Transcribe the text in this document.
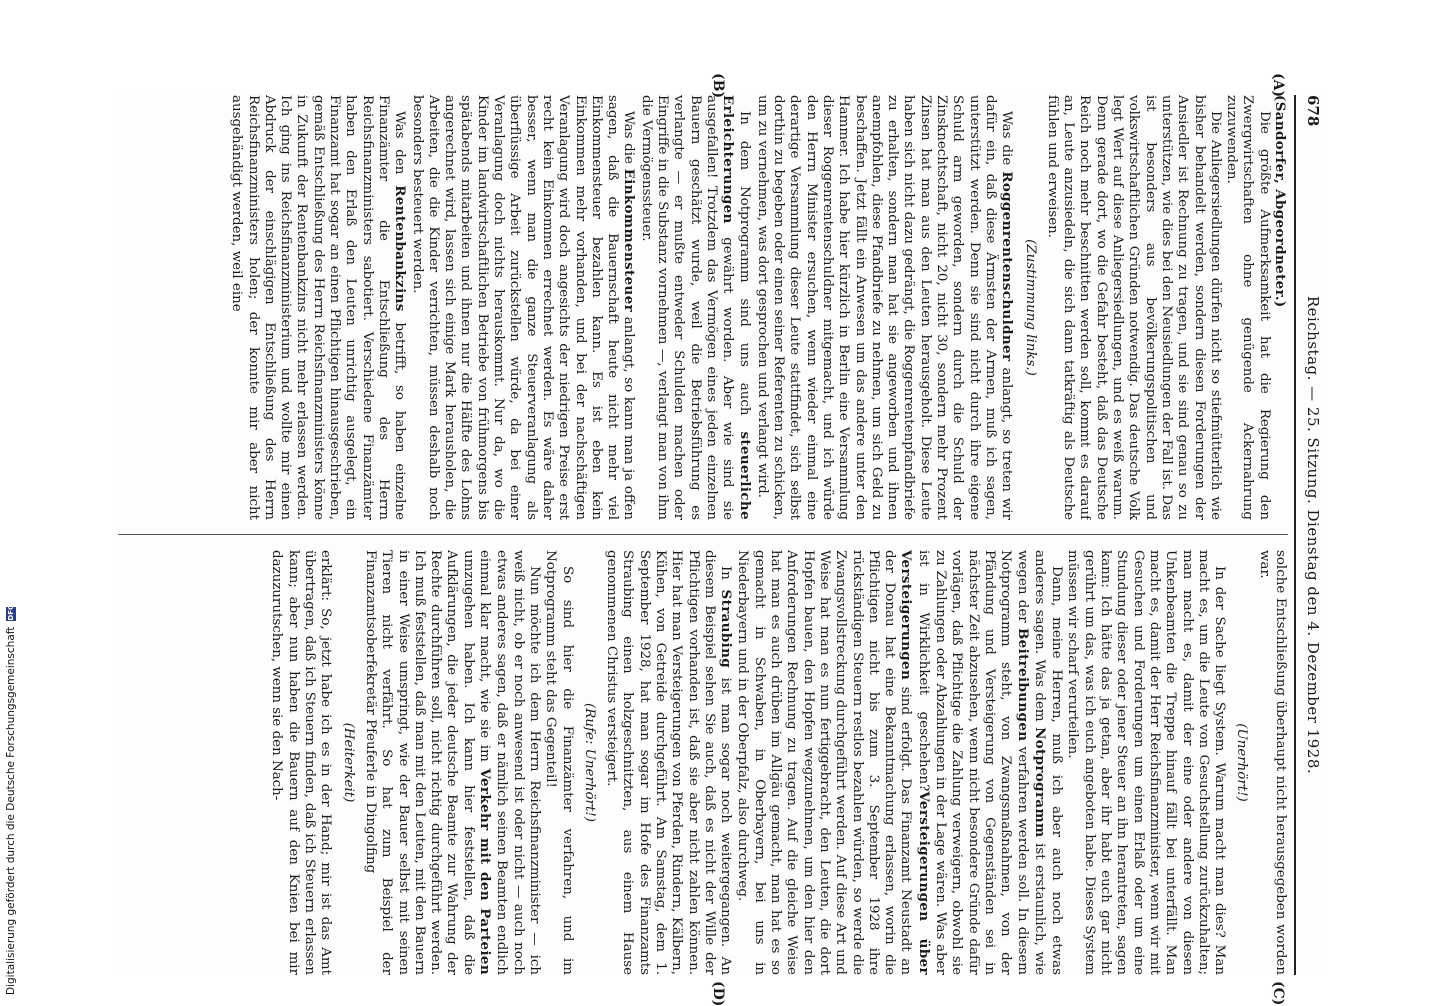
678
Reichstag. — 25. Sitzung. Dienstag den 4. Dezember 1928.
(A)
(B)
(C)
(D)

(Sandorfer, Abgeordneter.)

Die größte Aufmerksamkeit hat die Regierung den Zwergwirtschaften ohne genügende Ackernahrung zuzuwenden.

Die Anliegersiedlungen dürfen nicht so stiefmütterlich wie bisher behandelt werden, sondern diesen Forderungen der Ansiedler ist Rechnung zu tragen, und sie sind genau so zu unterstützen, wie dies bei den Neusiedlungen der Fall ist. Das ist besonders aus bevölkerungspolitischen und volkswirtschaftlichen Gründen notwendig. Das deutsche Volk legt Wert auf diese Anliegersiedlungen, und es weiß warum. Denn gerade dort, wo die Gefahr besteht, daß das Deutsche Reich noch mehr beschnitten werden soll, kommt es darauf an, Leute anzusiedeln, die sich dann tatkräftig als Deutsche fühlen und erweisen.

(Zustimmung links.)

Was die Roggenrentenschuldner anlangt, so treten wir dafür ein, daß diese Ärmsten der Armen, muß ich sagen, unterstützt werden. Denn sie sind nicht durch ihre eigene Schuld arm geworden, sondern durch die Schuld der Zinsknechtschaft, nicht 20, nicht 30, sondern mehr Prozent Zinsen hat man aus den Leuten herausgeholt. Diese Leute haben sich nicht dazu gedrängt, die Roggenrentenpfandbriefe zu erhalten, sondern man hat sie angeworben und ihnen anempfohlen, diese Pfandbriefe zu nehmen, um sich Geld zu beschaffen. Jetzt fällt ein Anwesen um das andere unter den Hammer. Ich habe hier kürzlich in Berlin eine Versammlung dieser Roggenrentenschuldner mitgemacht, und ich würde den Herrn Minister ersuchen, wenn wieder einmal eine derartige Versammlung dieser Leute stattfindet, sich selbst dorthin zu begeben oder einen seiner Referenten zu schicken, um zu vernehmen, was dort gesprochen und verlangt wird.

In dem Notprogramm sind uns auch steuerliche Erleichterungen gewährt worden. Aber wie sind sie ausgefallen! Trotzdem das Vermögen eines jeden einzelnen Bauern geschätzt wurde, weil die Betriebsführung es verlangte — er mußte entweder Schulden machen oder Eingriffe in die Substanz vornehmen —, verlangt man von ihm die Vermögenssteuer.

Was die Einkommensteuer anlangt, so kann man ja offen sagen, daß die Bauernschaft heute nicht mehr viel Einkommensteuer bezahlen kann. Es ist eben kein Einkommen mehr vorhanden, und bei der nachschäftigen Veranlagung wird doch angesichts der niedrigen Preise erst recht kein Einkommen errechnet werden. Es wäre daher besser, wenn man die ganze Steuerveranlagung als überflüssige Arbeit zurückstellen würde, da bei einer Veranlagung doch nichts herauskommt. Nur da, wo die Kinder im landwirtschaftlichen Betriebe von frühmorgens bis spätabends mitarbeiten und ihnen nur die Hälfte des Lohns angerechnet wird, lassen sich einige Mark herausholen, die Arbeiten, die die Kinder verrichten, müssen deshalb noch besonders besteuert werden.

Was den Rentenbankzins betrifft, so haben einzelne Finanzämter die Entschließung des Herrn Reichsfinanzministers sabotiert. Verschiedene Finanzämter haben den Erlaß den Leuten unrichtig ausgelegt, ein Finanzamt hat sogar an einen Pflichtigen hinausgeschrieben, gemäß Entschließung des Herrn Reichsfinanzministers könne in Zukunft der Rentenbankzins nicht mehr erlassen werden. Ich ging ins Reichsfinanzministerium und wollte mir einen Abdruck der einschlägigen Entschließung des Herrn Reichsfinanzministers holen; der konnte mir aber nicht ausgehändigt werden, weil eine

solche Entschließung überhaupt nicht herausgegeben worden war.

(Unerhört!)

In der Sache liegt System. Warum macht man dies? Man macht es, um die Leute von Gesuchstellung zurückzuhalten; man macht es, damit der eine oder andere von diesen Unkenbeamten die Treppe hinauf fällt bei unterfällt. Man macht es, damit der Herr Reichsfinanzminister, wenn wir mit Gesuchen und Forderungen um einen Erlaß oder um eine Stundung dieser oder jener Steuer an ihn herantreten, sagen kann: Ich hätte das ja getan, aber ihr habt euch gar nicht gerührt um das, was ich euch angeboten habe. Dieses System müssen wir scharf verurteilen.

Dann, meine Herren, muß ich aber auch noch etwas anderes sagen. Was dem Notprogramm ist erstaunlich, wie wegen der Beitreibungen verfahren werden soll. In diesem Notprogramm steht, von Zwangsmaßnahmen, von der Pfändung und Versteigerung von Gegenständen sei in nächster Zeit abzusehen, wenn nicht besondere Gründe dafür vorlägen, daß Pflichtige die Zahlung verweigern, obwohl sie zu Zahlungen oder Abzahlungen in der Lage wären. Was aber ist in Wirklichkeit geschehen?Versteigerungen über Versteigerungen sind erfolgt. Das Finanzamt Neustadt an der Donau hat eine Bekanntmachung erlassen, worin die Pflichtigen nicht bis zum 3. September 1928 ihre rückständigen Steuern restlos bezahlen würden, so werde die Zwangsvollstreckung durchgeführt werden. Auf diese Art und Weise hat man es nun fertiggebracht, den Leuten, die dort Hopfen bauen, den Hopfen wegzunehmen, um den hier den Anforderungen Rechnung zu tragen. Auf die gleiche Weise hat man es auch drüben im Allgäu gemacht, man hat es so gemacht in Schwaben, in Oberbayern, bei uns in Niederbayern und in der Oberpfalz, also durchweg.

In Straubing ist man sogar noch weitergegangen. An diesem Beispiel sehen Sie auch, daß es nicht der Wille der Pflichtigen vorhanden ist, daß sie aber nicht zahlen können. Hier hat man Versteigerungen von Pferden, Rindern, Kälbern, Kühen, von Getreide durchgeführt. Am Samstag, dem 1. September 1928, hat man sogar im Hofe des Finanzamts Straubing einen holzgeschnitzten, aus einem Hause genommenen Christus versteigert.

(Rufe: Unerhört!)

So sind hier die Finanzämter verfahren, und im Notprogramm steht das Gegenteil!

Nun möchte ich dem Herrn Reichsfinanzminister — ich weiß nicht, ob er noch anwesend ist oder nicht — auch noch etwas anderes sagen, daß er nämlich seinen Beamten endlich einmal klar macht, wie sie im Verkehr mit den Parteien umzugehen haben. Ich kann hier feststellen, daß die Aufklärungen, die jeder deutsche Beamte zur Wahrung der Rechte durchführen soll, nicht richtig durchgeführt werden. Ich muß feststellen, daß man mit den Leuten, mit den Bauern in einer Weise umspringt, wie der Bauer selbst mit seinen Tieren nicht verfährt. So hat zum Beispiel der Finanzamtsoberfekretär Pfeuferle in Dingolfing

(Heiterkeit)

erklärt: So, jetzt habe ich es in der Hand; mir ist das Amt übertragen, daß ich Steuern finden, daß ich Steuern erlassen kann; aber nun haben die Bauern auf den Knien bei mir dazuzurutschen, wenn sie den Nach-

Digitalisierung gefördert durch die Deutsche Forschungsgemeinschaft
DFG
